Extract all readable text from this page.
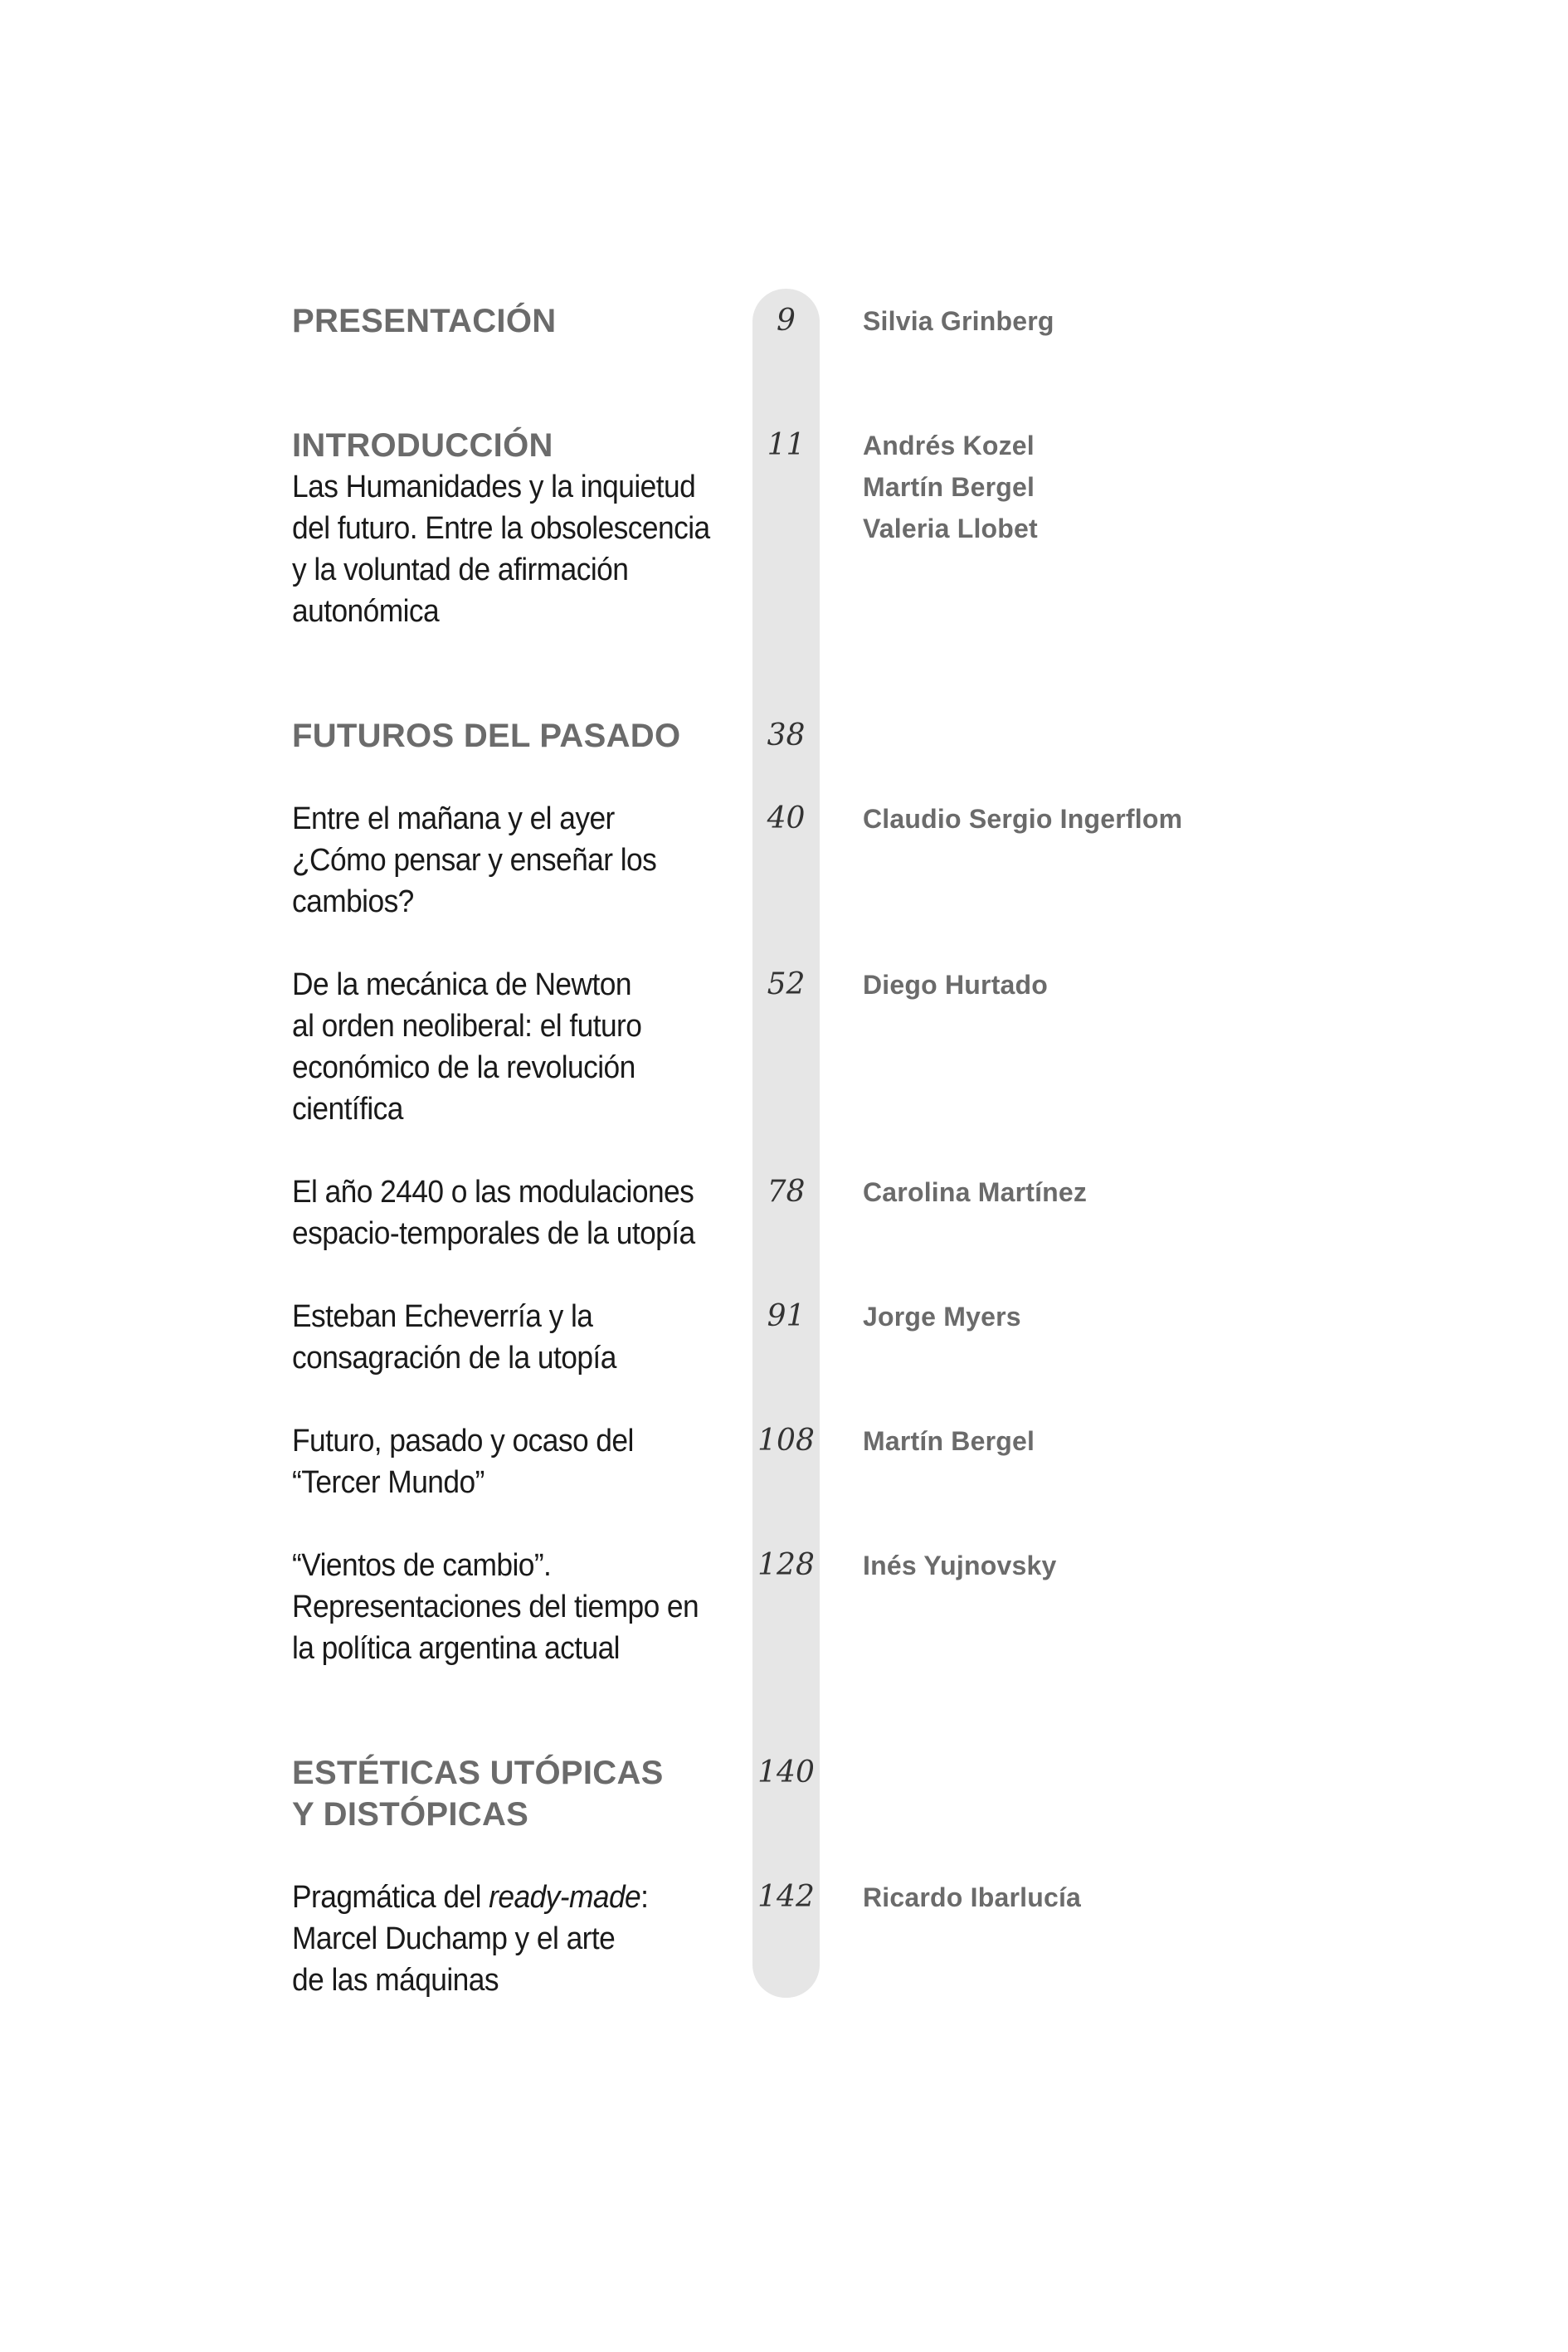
PRESENTACIÓN	9	Silvia Grinberg
INTRODUCCIÓN
Las Humanidades y la inquietud
del futuro. Entre la obsolescencia
y la voluntad de afirmación
autonómica
11	Andrés Kozel
Martín Bergel
Valeria Llobet
FUTUROS DEL PASADO	38
Entre el mañana y el ayer
¿Cómo pensar y enseñar los
cambios?
40	Claudio Sergio Ingerflom
De la mecánica de Newton
al orden neoliberal: el futuro
económico de la revolución
científica
52	Diego Hurtado
El año 2440 o las modulaciones
espacio-temporales de la utopía
78	Carolina Martínez
Esteban Echeverría y la
consagración de la utopía
91	Jorge Myers
Futuro, pasado y ocaso del
“Tercer Mundo”
108 Martín Bergel
“Vientos de cambio”.
Representaciones del tiempo en
la política argentina actual
128 Inés Yujnovsky
ESTÉTICAS UTÓPICAS
Y DISTÓPICAS
140
Pragmática del ready-made:
Marcel Duchamp y el arte
de las máquinas
142 Ricardo Ibarlucía
